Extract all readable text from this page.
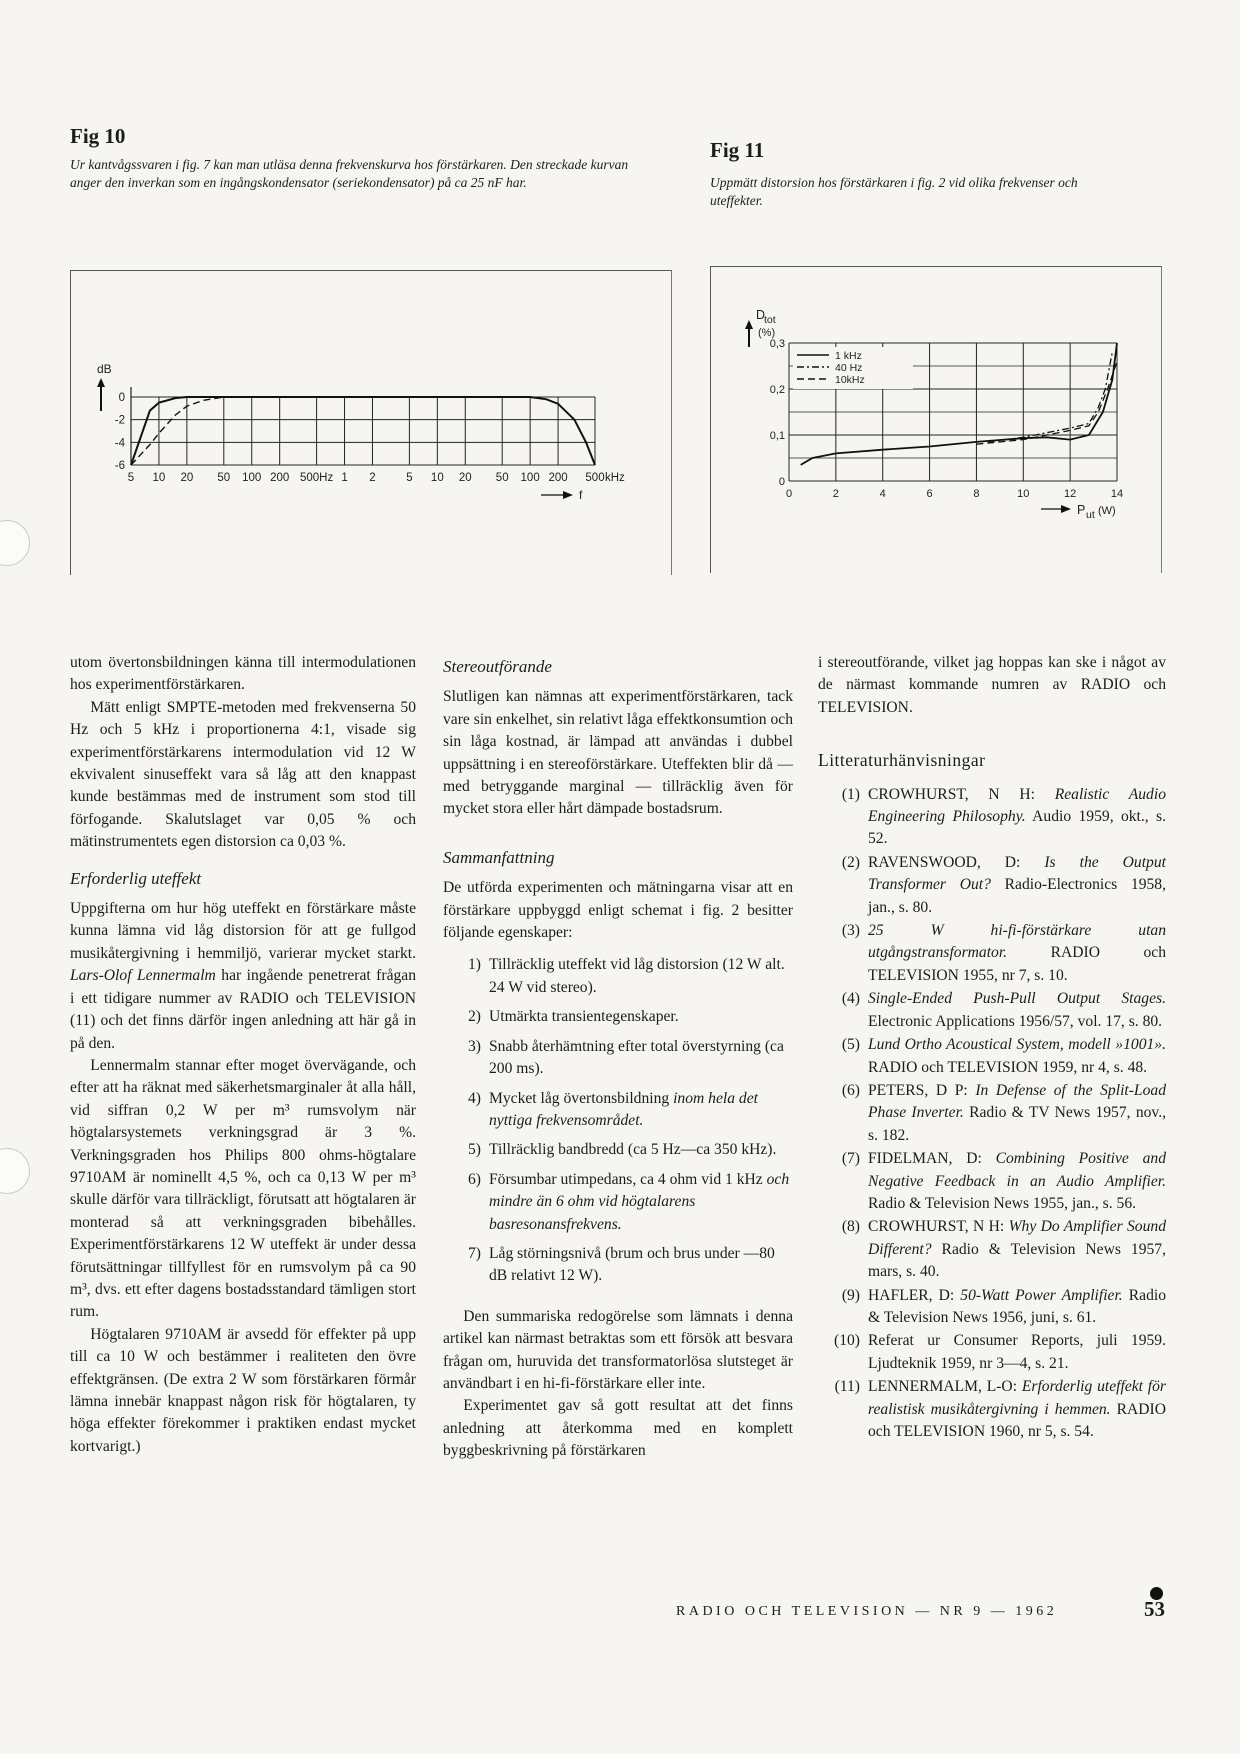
Fig 10
Ur kantvågssvaren i fig. 7 kan man utläsa denna frekvenskurva hos förstärkaren. Den streckade kurvan anger den inverkan som en ingångskondensator (seriekondensator) på ca 25 nF har.
Fig 11
Uppmätt distorsion hos förstärkaren i fig. 2 vid olika frekvenser och uteffekter.
dB
0
-2
-4
-6
5 10 20 50 100 200 500Hz 1 2	5 10 20 50 100 200 500 kHz
f
D
tot
(%)
0,3
0,2
0,1
0
0	2	4	6	8	10	12	14
P ut (W)
1 kHz
40 Hz
10kHz

utom övertonsbildningen känna till intermodulationen hos experimentförstärkaren.

Mätt enligt SMPTE-metoden med frekvenserna 50 Hz och 5 kHz i proportionerna 4:1, visade sig experimentförstärkarens intermodulation vid 12 W ekvivalent sinuseffekt vara så låg att den knappast kunde bestämmas med de instrument som stod till förfogande. Skalutslaget var 0,05 % och mätinstrumentets egen distorsion ca 0,03 %.

Erforderlig uteffekt

Uppgifterna om hur hög uteffekt en förstärkare måste kunna lämna vid låg distorsion för att ge fullgod musikåtergivning i hemmiljö, varierar mycket starkt. Lars-Olof Lennermalm har ingående penetrerat frågan i ett tidigare nummer av RADIO och TELEVISION (11) och det finns därför ingen anledning att här gå in på den.

Lennermalm stannar efter moget övervägande, och efter att ha räknat med säkerhetsmarginaler åt alla håll, vid siffran 0,2 W per m³ rumsvolym när högtalarsystemets verkningsgrad är 3 %. Verkningsgraden hos Philips 800 ohms-högtalare 9710AM är nominellt 4,5 %, och ca 0,13 W per m³ skulle därför vara tillräckligt, förutsatt att högtalaren är monterad så att verkningsgraden bibehålles. Experimentförstärkarens 12 W uteffekt är under dessa förutsättningar tillfyllest för en rumsvolym på ca 90 m³, dvs. ett efter dagens bostadsstandard tämligen stort rum.

Högtalaren 9710AM är avsedd för effekter på upp till ca 10 W och bestämmer i realiteten den övre effektgränsen. (De extra 2 W som förstärkaren förmår lämna innebär knappast någon risk för högtalaren, ty höga effekter förekommer i praktiken endast mycket kortvarigt.)

Stereoutförande

Slutligen kan nämnas att experimentförstärkaren, tack vare sin enkelhet, sin relativt låga effektkonsumtion och sin låga kostnad, är lämpad att användas i dubbel uppsättning i en stereoförstärkare. Uteffekten blir då — med betryggande marginal — tillräcklig även för mycket stora eller hårt dämpade bostadsrum.

Sammanfattning

De utförda experimenten och mätningarna visar att en förstärkare uppbyggd enligt schemat i fig. 2 besitter följande egenskaper:

1) Tillräcklig uteffekt vid låg distorsion (12 W alt. 24 W vid stereo).
2) Utmärkta transientegenskaper.
3) Snabb återhämtning efter total överstyrning (ca 200 ms).
4) Mycket låg övertonsbildning inom hela det nyttiga frekvensområdet.
5) Tillräcklig bandbredd (ca 5 Hz—ca 350 kHz).
6) Försumbar utimpedans, ca 4 ohm vid 1 kHz och mindre än 6 ohm vid högtalarens basresonansfrekvens.
7) Låg störningsnivå (brum och brus under —80 dB relativt 12 W).

Den summariska redogörelse som lämnats i denna artikel kan närmast betraktas som ett försök att besvara frågan om, huruvida det transformatorlösa slutsteget är användbart i en hi-fi-förstärkare eller inte.

Experimentet gav så gott resultat att det finns anledning att återkomma med en komplett byggbeskrivning på förstärkaren

i stereoutförande, vilket jag hoppas kan ske i något av de närmast kommande numren av RADIO och TELEVISION.

Litteraturhänvisningar
(1) CROWHURST, N H: Realistic Audio Engineering Philosophy. Audio 1959, okt., s. 52.
(2) RAVENSWOOD, D: Is the Output Transformer Out? Radio-Electronics 1958, jan., s. 80.
(3) 25 W hi-fi-förstärkare utan utgångstransformator. RADIO och TELEVISION 1955, nr 7, s. 10.
(4) Single-Ended Push-Pull Output Stages. Electronic Applications 1956/57, vol. 17, s. 80.
(5) Lund Ortho Acoustical System, modell »1001». RADIO och TELEVISION 1959, nr 4, s. 48.
(6) PETERS, D P: In Defense of the Split-Load Phase Inverter. Radio & TV News 1957, nov., s. 182.
(7) FIDELMAN, D: Combining Positive and Negative Feedback in an Audio Amplifier. Radio & Television News 1955, jan., s. 56.
(8) CROWHURST, N H: Why Do Amplifier Sound Different? Radio & Television News 1957, mars, s. 40.
(9) HAFLER, D: 50-Watt Power Amplifier. Radio & Television News 1956, juni, s. 61.
(10) Referat ur Consumer Reports, juli 1959. Ljudteknik 1959, nr 3—4, s. 21.
(11) LENNERMALM, L-O: Erforderlig uteffekt för realistisk musikåtergivning i hemmen. RADIO och TELEVISION 1960, nr 5, s. 54.
RADIO OCH TELEVISION — NR 9 — 1962	53
